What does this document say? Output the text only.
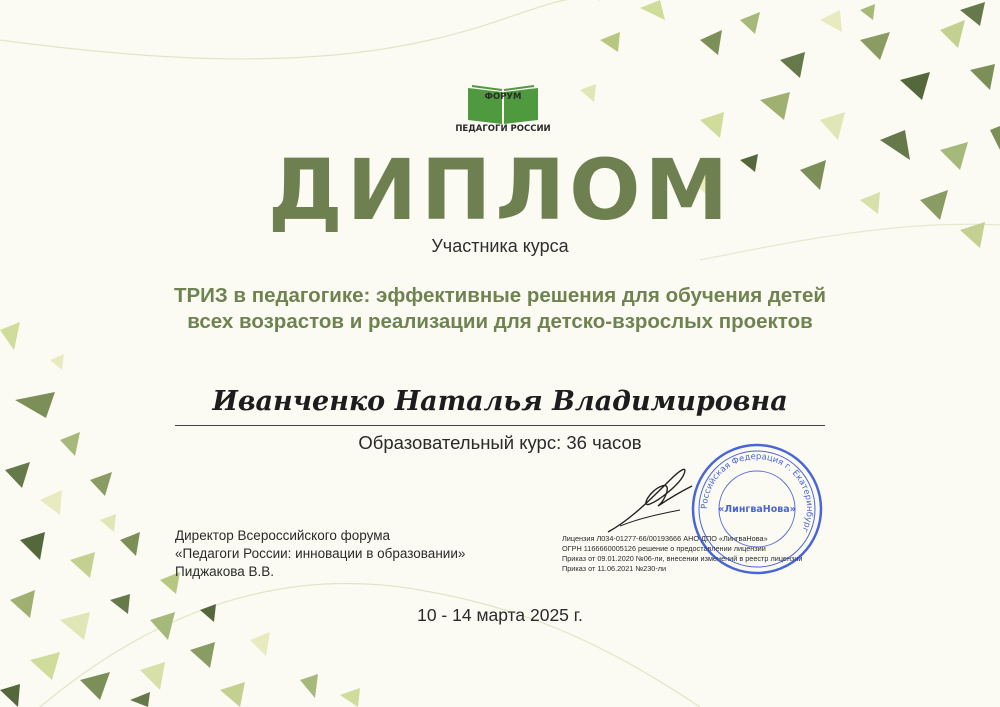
ФОРУМ
ПЕДАГОГИ РОССИИ
ДИПЛОМ
Участника курса
ТРИЗ в педагогике: эффективные решения для обучения детей
всех возрастов и реализации для детско-взрослых проектов
Иванченко Наталья Владимировна
Образовательный курс: 36 часов
Директор Всероссийского форума
«Педагоги России: инновации в образовании»
Пиджакова В.В.
Лицензия Л034-01277-66/00193666 АНО ДПО «ЛингваНова»
ОГРН 1166660005126 решение о предоставлении лицензии
Приказ от 09.01.2020 №06-ли, внесении изменений в реестр лицензий
Приказ от 11.06.2021 №230-ли
Российская Федерация г. Екатеринбург
«ЛингваНова»
10 - 14 марта 2025 г.
